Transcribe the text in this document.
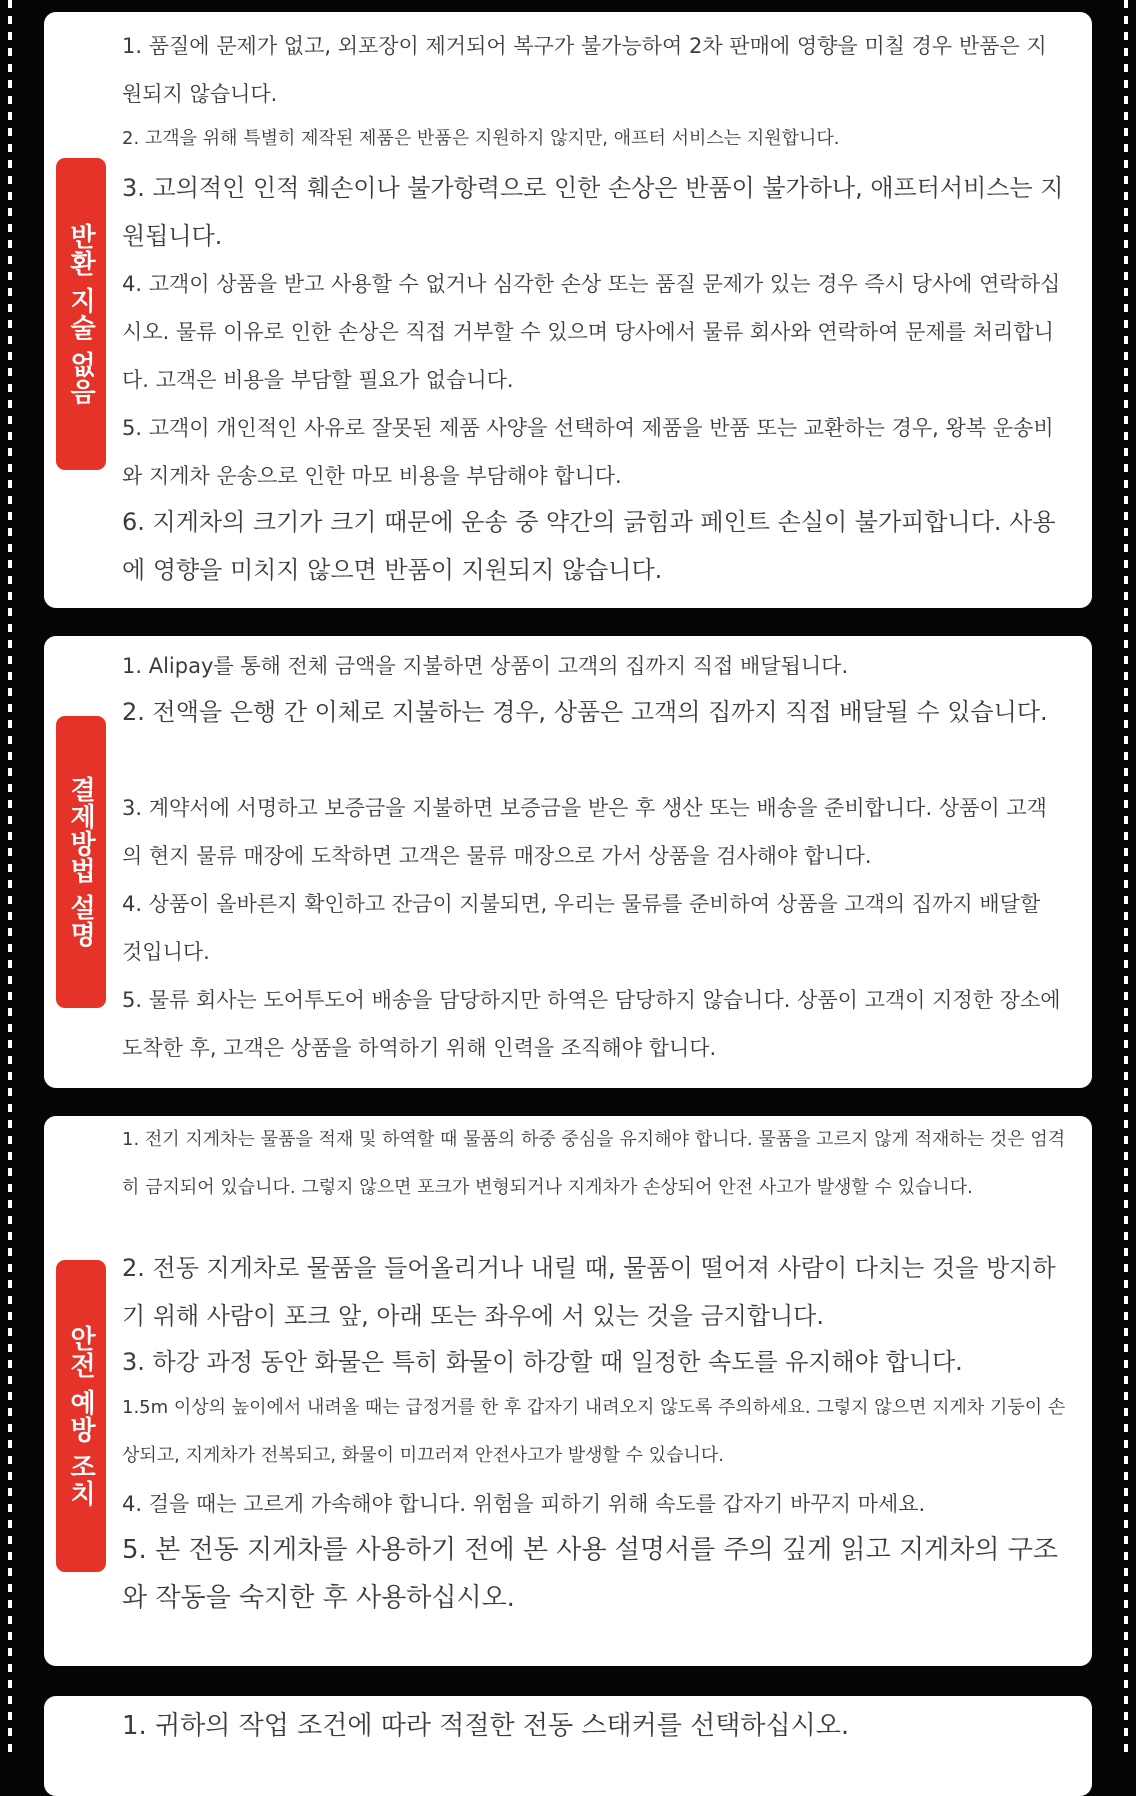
반환 지술 없음

1. 품질에 문제가 없고, 외포장이 제거되어 복구가 불가능하여 2차 판매에 영향을 미칠 경우 반품은 지원되지 않습니다.

2. 고객을 위해 특별히 제작된 제품은 반품은 지원하지 않지만, 애프터 서비스는 지원합니다.

3. 고의적인 인적 훼손이나 불가항력으로 인한 손상은 반품이 불가하나, 애프터서비스는 지원됩니다.

4. 고객이 상품을 받고 사용할 수 없거나 심각한 손상 또는 품질 문제가 있는 경우 즉시 당사에 연락하십시오. 물류 이유로 인한 손상은 직접 거부할 수 있으며 당사에서 물류 회사와 연락하여 문제를 처리합니다. 고객은 비용을 부담할 필요가 없습니다.

5. 고객이 개인적인 사유로 잘못된 제품 사양을 선택하여 제품을 반품 또는 교환하는 경우, 왕복 운송비와 지게차 운송으로 인한 마모 비용을 부담해야 합니다.

6. 지게차의 크기가 크기 때문에 운송 중 약간의 긁힘과 페인트 손실이 불가피합니다. 사용에 영향을 미치지 않으면 반품이 지원되지 않습니다.

결제방법 설명

1. Alipay를 통해 전체 금액을 지불하면 상품이 고객의 집까지 직접 배달됩니다.

2. 전액을 은행 간 이체로 지불하는 경우, 상품은 고객의 집까지 직접 배달될 수 있습니다.

3. 계약서에 서명하고 보증금을 지불하면 보증금을 받은 후 생산 또는 배송을 준비합니다. 상품이 고객의 현지 물류 매장에 도착하면 고객은 물류 매장으로 가서 상품을 검사해야 합니다.

4. 상품이 올바른지 확인하고 잔금이 지불되면, 우리는 물류를 준비하여 상품을 고객의 집까지 배달할 것입니다.

5. 물류 회사는 도어투도어 배송을 담당하지만 하역은 담당하지 않습니다. 상품이 고객이 지정한 장소에 도착한 후, 고객은 상품을 하역하기 위해 인력을 조직해야 합니다.

안전 예방 조치

1. 전기 지게차는 물품을 적재 및 하역할 때 물품의 하중 중심을 유지해야 합니다. 물품을 고르지 않게 적재하는 것은 엄격히 금지되어 있습니다. 그렇지 않으면 포크가 변형되거나 지게차가 손상되어 안전 사고가 발생할 수 있습니다.

2. 전동 지게차로 물품을 들어올리거나 내릴 때, 물품이 떨어져 사람이 다치는 것을 방지하기 위해 사람이 포크 앞, 아래 또는 좌우에 서 있는 것을 금지합니다.

3. 하강 과정 동안 화물은 특히 화물이 하강할 때 일정한 속도를 유지해야 합니다.

1.5m 이상의 높이에서 내려올 때는 급정거를 한 후 갑자기 내려오지 않도록 주의하세요. 그렇지 않으면 지게차 기둥이 손상되고, 지게차가 전복되고, 화물이 미끄러져 안전사고가 발생할 수 있습니다.

4. 걸을 때는 고르게 가속해야 합니다. 위험을 피하기 위해 속도를 갑자기 바꾸지 마세요.

5. 본 전동 지게차를 사용하기 전에 본 사용 설명서를 주의 깊게 읽고 지게차의 구조와 작동을 숙지한 후 사용하십시오.

1. 귀하의 작업 조건에 따라 적절한 전동 스태커를 선택하십시오.
